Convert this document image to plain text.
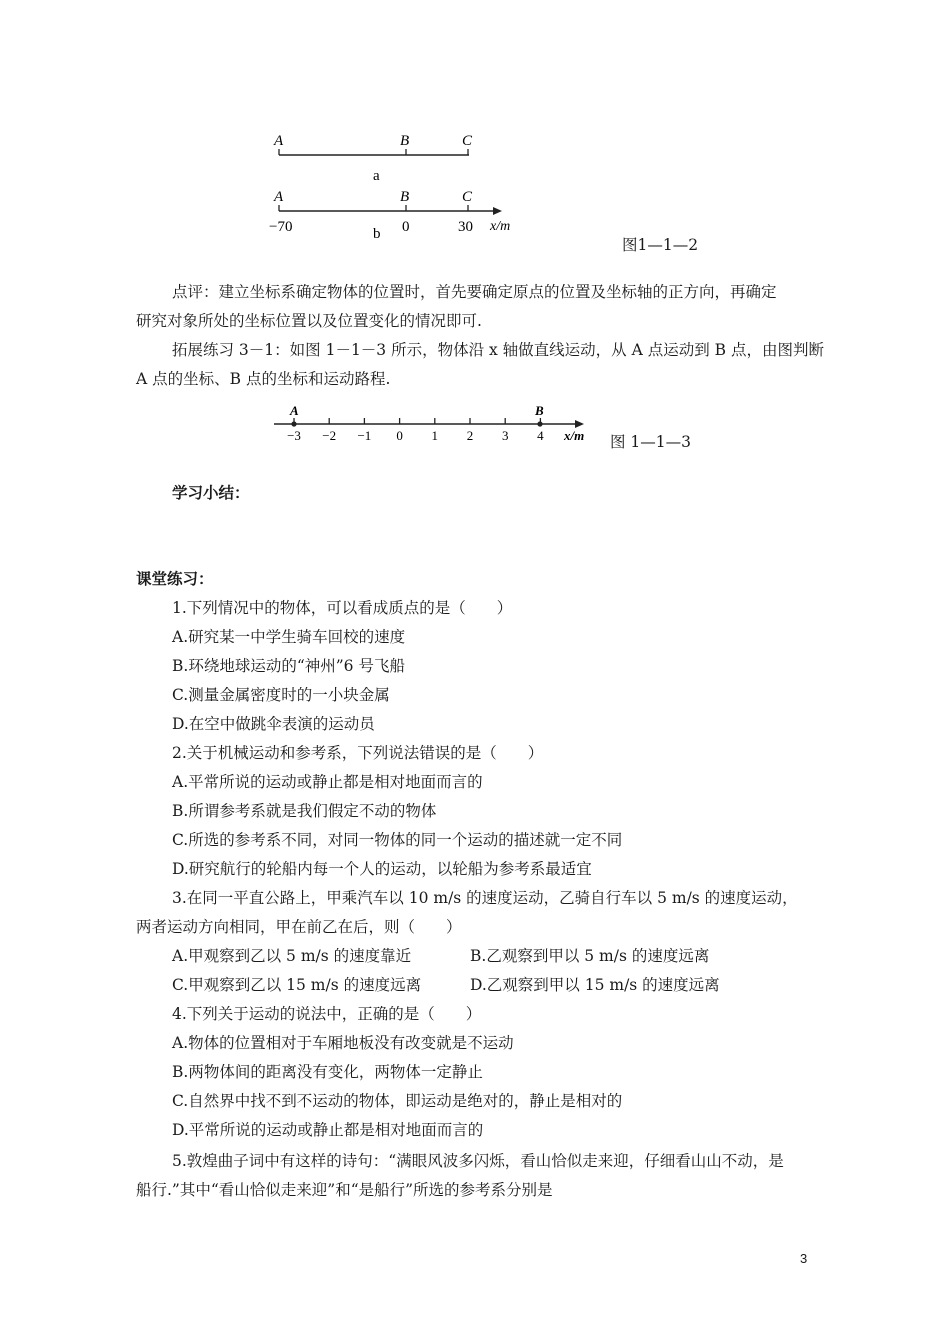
A	B	C
a
A	B	C
−70	0	30 x/m
b
图1—1—2
点评：建立坐标系确定物体的位置时，首先要确定原点的位置及坐标轴的正方向，再确定
研究对象所处的坐标位置以及位置变化的情况即可.
拓展练习 3－1：如图 1－1－3 所示，物体沿 x 轴做直线运动，从 A 点运动到 B 点，由图判断
A 点的坐标、B 点的坐标和运动路程.
−3 −2 −1 0 1 2 3 4
A	B
x/m 图 1—1—3
学习小结：
课堂练习：
1.下列情况中的物体，可以看成质点的是（　　）
A.研究某一中学生骑车回校的速度
B.环绕地球运动的“神州”6 号飞船
C.测量金属密度时的一小块金属
D.在空中做跳伞表演的运动员
2.关于机械运动和参考系，下列说法错误的是（　　）
A.平常所说的运动或静止都是相对地面而言的
B.所谓参考系就是我们假定不动的物体
C.所选的参考系不同，对同一物体的同一个运动的描述就一定不同
D.研究航行的轮船内每一个人的运动，以轮船为参考系最适宜
3.在同一平直公路上，甲乘汽车以 10 m/s 的速度运动，乙骑自行车以 5 m/s 的速度运动，
两者运动方向相同，甲在前乙在后，则（　　）
A.甲观察到乙以 5 m/s 的速度靠近	B.乙观察到甲以 5 m/s 的速度远离
C.甲观察到乙以 15 m/s 的速度远离	D.乙观察到甲以 15 m/s 的速度远离
4.下列关于运动的说法中，正确的是（　　）
A.物体的位置相对于车厢地板没有改变就是不运动
B.两物体间的距离没有变化，两物体一定静止
C.自然界中找不到不运动的物体，即运动是绝对的，静止是相对的
D.平常所说的运动或静止都是相对地面而言的
5.敦煌曲子词中有这样的诗句：“满眼风波多闪烁，看山恰似走来迎，仔细看山山不动，是
船行.”其中“看山恰似走来迎”和“是船行”所选的参考系分别是
3
